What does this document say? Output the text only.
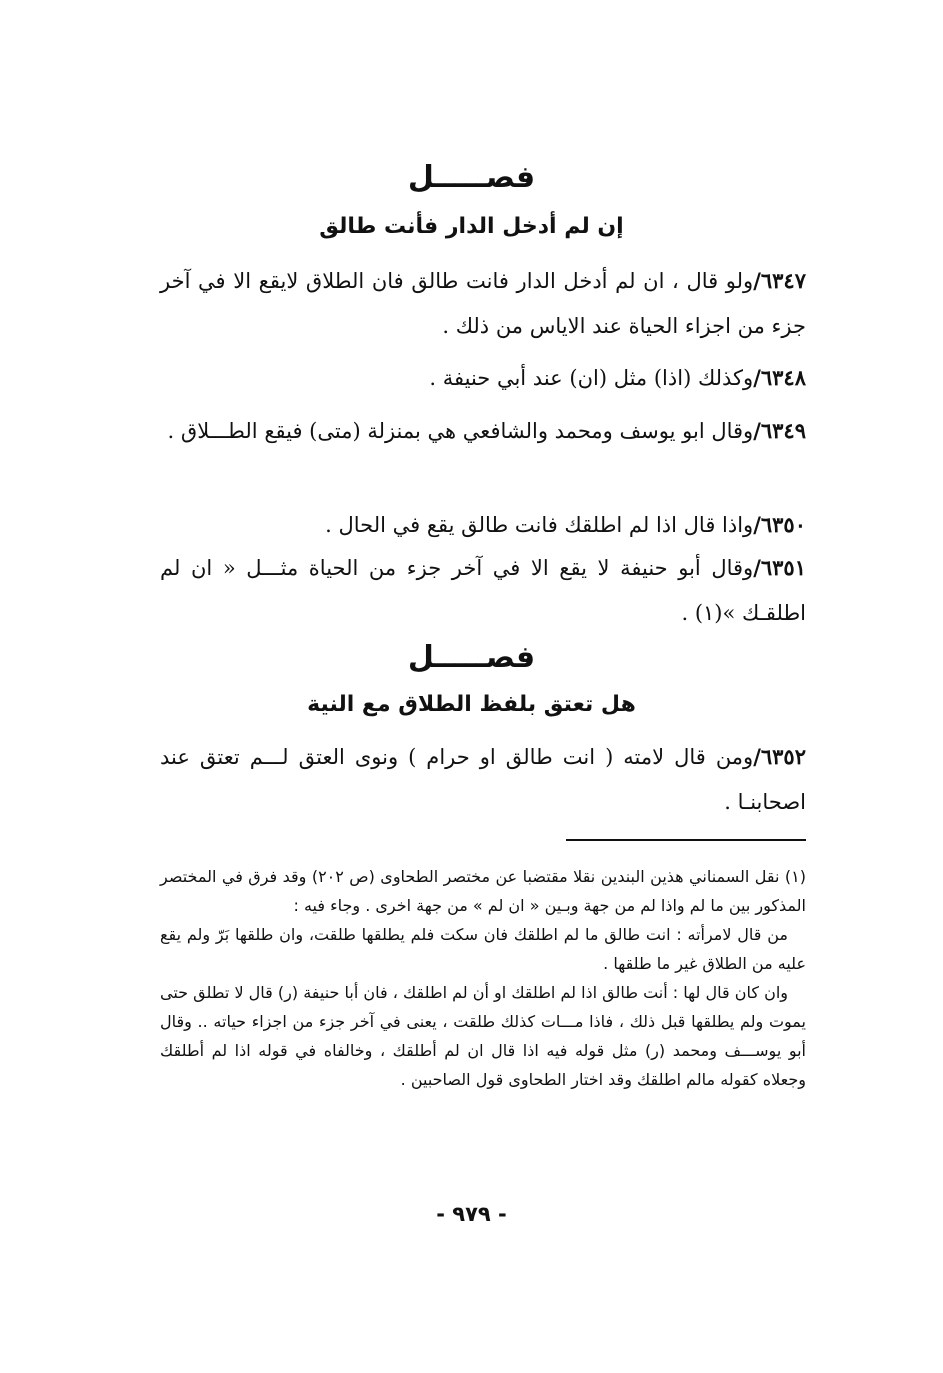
فصـــــل
إن لم أدخل الدار فأنت طالق

٦٣٤٧/ولو قال ، ان لم أدخل الدار فانت طالق فان الطلاق لايقع الا في آخر جزء من اجزاء الحياة عند الاياس من ذلك .

٦٣٤٨/وكذلك (اذا) مثل (ان) عند أبي حنيفة .

٦٣٤٩/وقال ابو يوسف ومحمد والشافعي هي بمنزلة (متى) فيقع الطـــلاق .

٦٣٥٠/واذا قال اذا لم اطلقك فانت طالق يقع في الحال .

٦٣٥١/وقال أبو حنيفة لا يقع الا في آخر جزء من الحياة مثـــل « ان لم اطلقـك »(١) .

فصـــــل
هل تعتق بلفظ الطلاق مع النية

٦٣٥٢/ومن قال لامته ( انت طالق او حرام ) ونوى العتق لـــم تعتق عند اصحابنـا .

(١) نقل السمناني هذين البندين نقلا مقتضبا عن مختصر الطحاوى (ص ٢٠٢) وقد فرق في المختصر المذكور بين ما لم واذا لم من جهة وبـين « ان لم » من جهة اخرى . وجاء فيه :

من قال لامرأته : انت طالق ما لم اطلقك فان سكت فلم يطلقها طلقت، وان طلقها بَرّ ولم يقع عليه من الطلاق غير ما طلقها .

وان كان قال لها : أنت طالق اذا لم اطلقك او أن لم اطلقك ، فان أبا حنيفة (ر) قال لا تطلق حتى يموت ولم يطلقها قبل ذلك ، فاذا مـــات كذلك طلقت ، يعنى في آخر جزء من اجزاء حياته .. وقال أبو يوســـف ومحمد (ر) مثل قوله فيه اذا قال ان لم أطلقك ، وخالفاه في قوله اذا لم أطلقك وجعلاه كقوله مالم اطلقك وقد اختار الطحاوى قول الصاحبين .

- ٩٧٩ -
